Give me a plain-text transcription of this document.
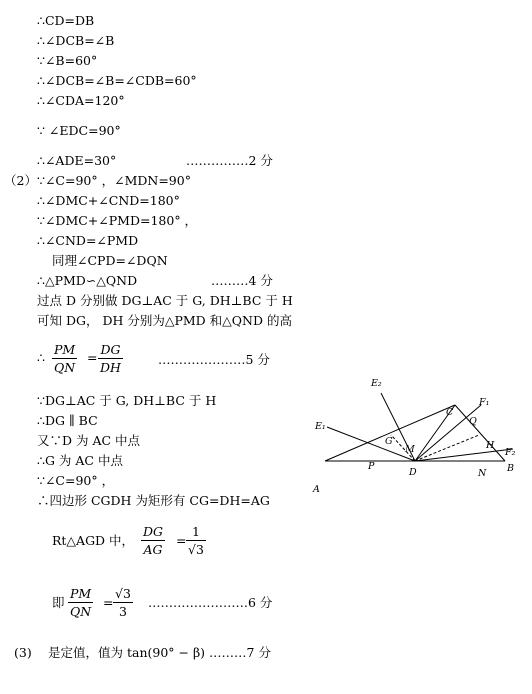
∴CD=DB
∴∠DCB=∠B
∵∠B=60°
∴∠DCB=∠B=∠CDB=60°
∴∠CDA=120°
∵ ∠EDC=90°
∴∠ADE=30°	……………2 分
（2） ∵∠C=90° ，∠MDN=90°
∴∠DMC+∠CND=180°
∵∠DMC+∠PMD=180° ，
∴∠CND=∠PMD
同理∠CPD=∠DQN
∴△PMD∽△QND	………4 分
过点 D 分别做 DG⊥AC 于 G, DH⊥BC 于 H
可知 DG， DH 分别为△PMD 和△QND 的高
∴ $\frac{PM}{QN} = \frac{DG}{DH}$	…………………5 分
∵DG⊥AC 于 G, DH⊥BC 于 H
∴DG ∥ BC
又∵D 为 AC 中点
∴G 为 AC 中点
∵∠C=90° ，
∴四边形 CGDH 为矩形有 CG=DH=AG
Rt△AGD 中， $\frac{DG}{AG} = \frac{1}{√3}$
即 $\frac{PM}{QN} = \frac{√3}{3}$ ……………………6 分
(3) 是定值，值为 tan(90° − β) ………7 分
E₂
E₁
F₁
F₂
C
Q
G
M	H
P
N
A
D	B
